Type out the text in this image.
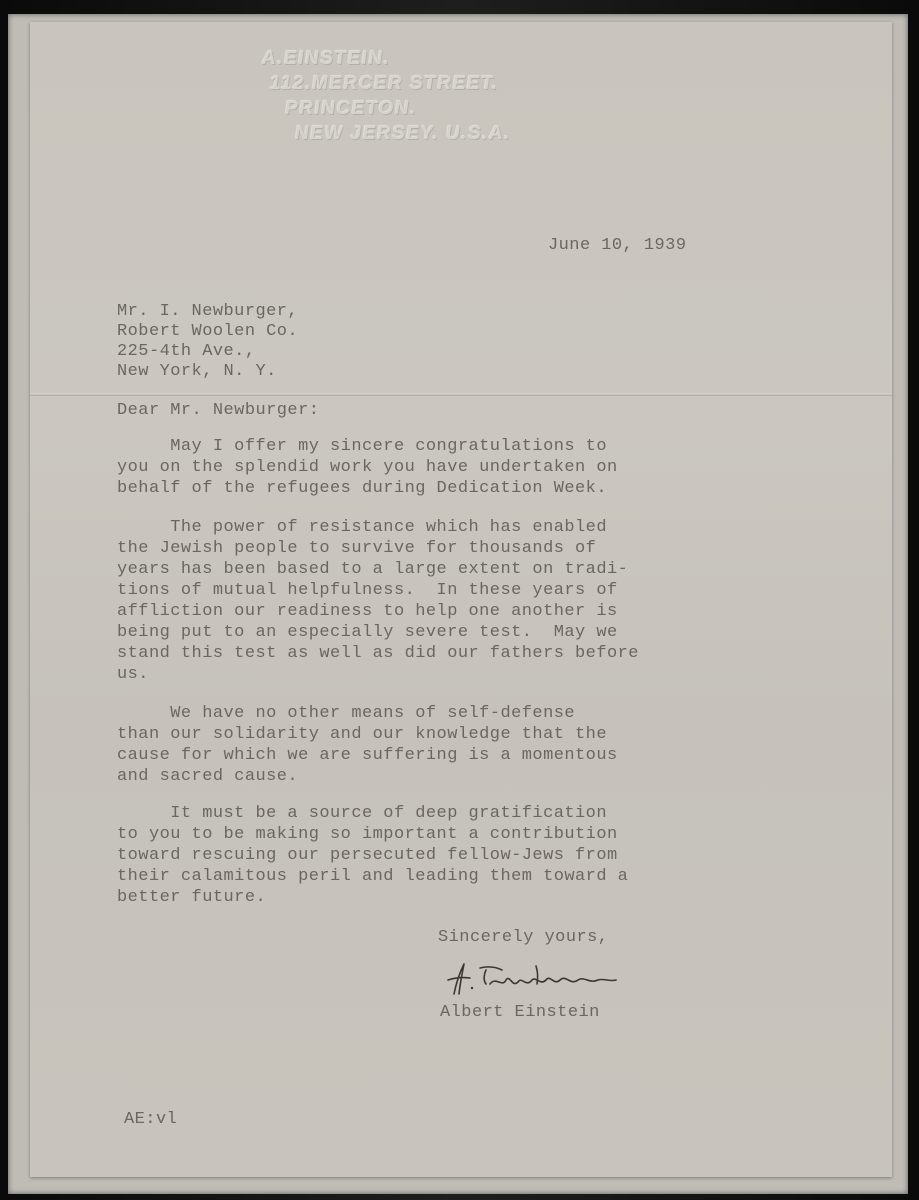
A.EINSTEIN.
112.MERCER STREET.
PRINCETON.
NEW JERSEY. U.S.A.
June 10, 1939
Mr. I. Newburger,
Robert Woolen Co.
225-4th Ave.,
New York, N. Y.
Dear Mr. Newburger:
May I offer my sincere congratulations to
you on the splendid work you have undertaken on
behalf of the refugees during Dedication Week.
The power of resistance which has enabled
the Jewish people to survive for thousands of
years has been based to a large extent on tradi-
tions of mutual helpfulness.  In these years of
affliction our readiness to help one another is
being put to an especially severe test.  May we
stand this test as well as did our fathers before
us.
We have no other means of self-defense
than our solidarity and our knowledge that the
cause for which we are suffering is a momentous
and sacred cause.
It must be a source of deep gratification
to you to be making so important a contribution
toward rescuing our persecuted fellow-Jews from
their calamitous peril and leading them toward a
better future.
Sincerely yours,
Albert Einstein
AE:vl
